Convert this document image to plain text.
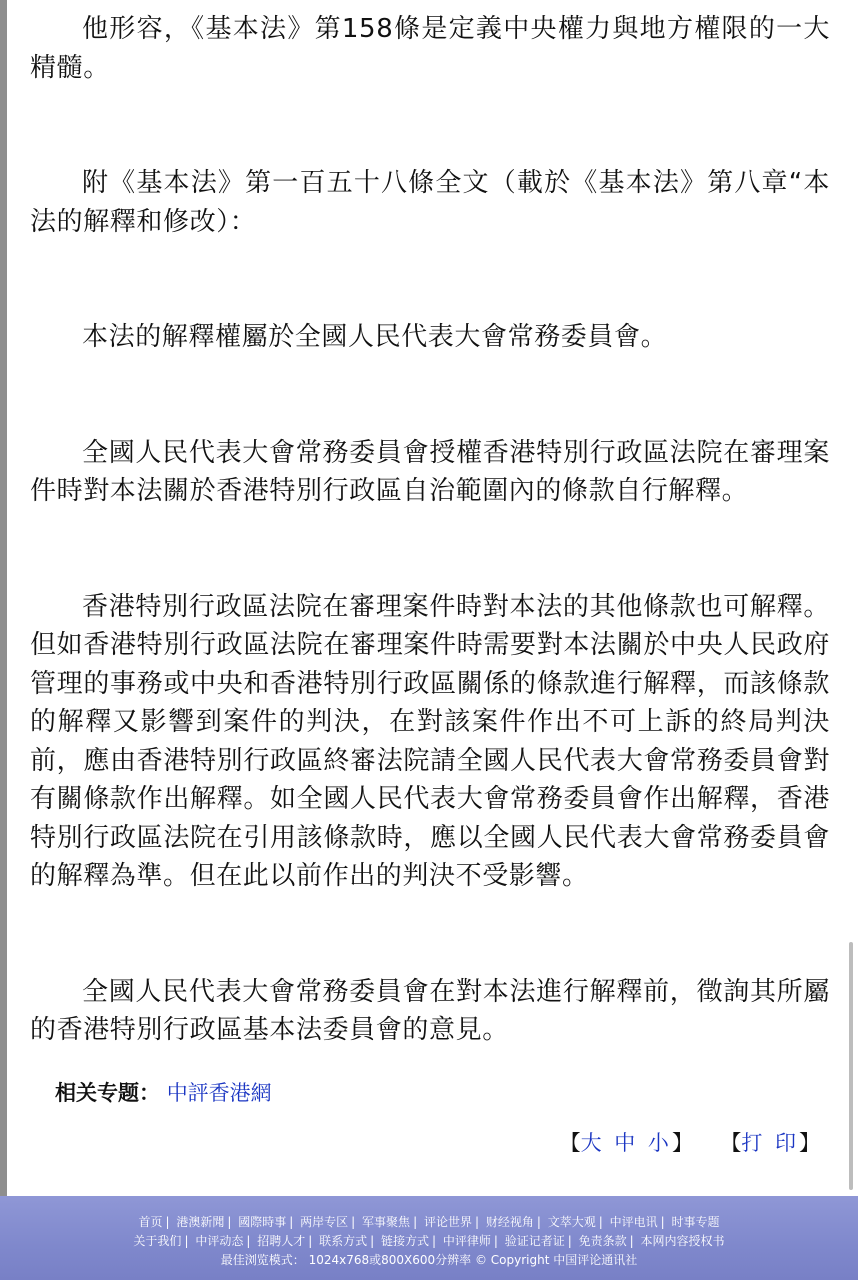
他形容，《基本法》第158條是定義中央權力與地方權限的一大精髓。

附《基本法》第一百五十八條全文（載於《基本法》第八章“本法的解釋和修改）：

本法的解釋權屬於全國人民代表大會常務委員會。

全國人民代表大會常務委員會授權香港特別行政區法院在審理案件時對本法關於香港特別行政區自治範圍內的條款自行解釋。

香港特別行政區法院在審理案件時對本法的其他條款也可解釋。但如香港特別行政區法院在審理案件時需要對本法關於中央人民政府管理的事務或中央和香港特別行政區關係的條款進行解釋，而該條款的解釋又影響到案件的判決，在對該案件作出不可上訴的終局判決前，應由香港特別行政區終審法院請全國人民代表大會常務委員會對有關條款作出解釋。如全國人民代表大會常務委員會作出解釋，香港特別行政區法院在引用該條款時，應以全國人民代表大會常務委員會的解釋為準。但在此以前作出的判決不受影響。

全國人民代表大會常務委員會在對本法進行解釋前，徵詢其所屬的香港特別行政區基本法委員會的意見。

相关专题： 中評香港網
【大 中 小】 【打 印】
首页 | 港澳新聞 | 國際時事 | 两岸专区 | 军事聚焦 | 评论世界 | 财经视角 | 文萃大观 | 中评电讯 | 时事专题
关于我们 | 中评动态 | 招聘人才 | 联系方式 | 链接方式 | 中评律师 | 验证记者证 | 免责条款 | 本网内容授权书
最佳浏览模式： 1024x768或800X600分辨率 © Copyright 中国评论通讯社
